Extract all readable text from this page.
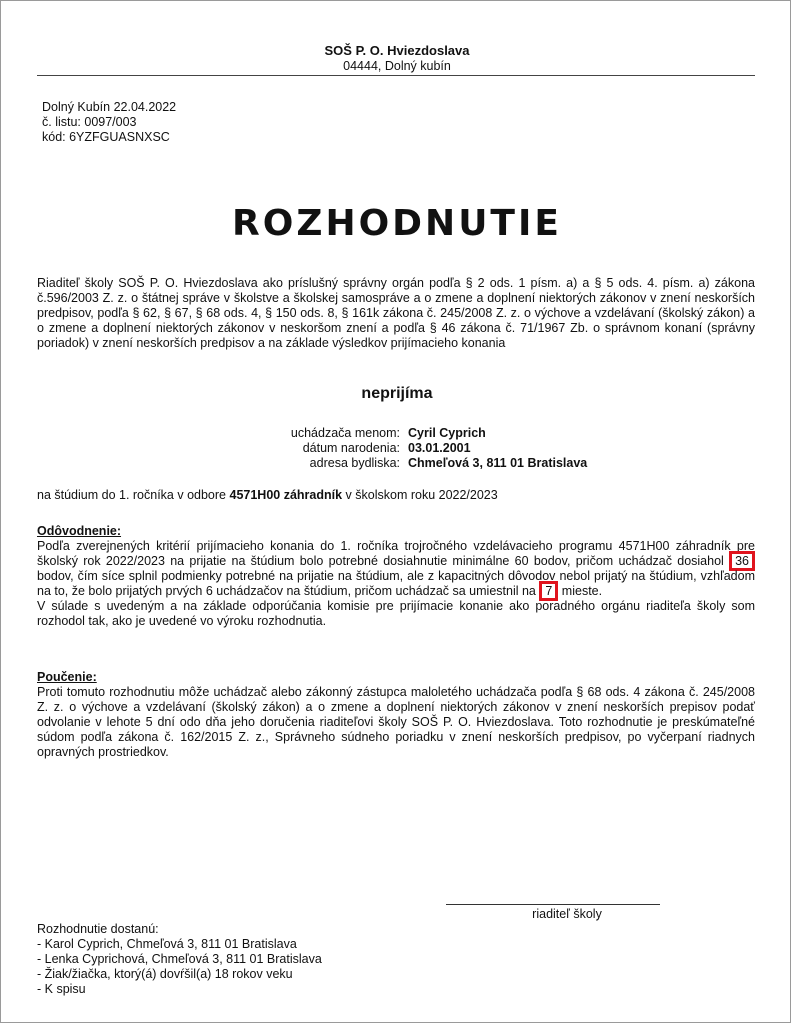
SOŠ P. O. Hviezdoslava
04444, Dolný kubín
Dolný Kubín 22.04.2022
č. listu: 0097/003
kód: 6YZFGUASNXSC
ROZHODNUTIE
Riaditeľ školy SOŠ P. O. Hviezdoslava ako príslušný správny orgán podľa § 2 ods. 1 písm. a) a § 5 ods. 4. písm. a) zákona č.596/2003 Z. z. o štátnej správe v školstve a školskej samospráve a o zmene a doplnení niektorých zákonov v znení neskorších predpisov, podľa § 62, § 67, § 68 ods. 4, § 150 ods. 8, § 161k zákona č. 245/2008 Z. z. o výchove a vzdelávaní (školský zákon) a o zmene a doplnení niektorých zákonov v neskoršom znení a podľa § 46 zákona č. 71/1967 Zb. o správnom konaní (správny poriadok) v znení neskorších predpisov a na základe výsledkov prijímacieho konania
neprijíma
uchádzača menom: Cyril Cyprich
dátum narodenia: 03.01.2001
adresa bydliska: Chmeľová 3, 811 01 Bratislava
na štúdium do 1. ročníka v odbore 4571H00 záhradník v školskom roku 2022/2023
Odôvodnenie:
Podľa zverejnených kritérií prijímacieho konania do 1. ročníka trojročného vzdelávacieho programu 4571H00 záhradník pre školský rok 2022/2023 na prijatie na štúdium bolo potrebné dosiahnutie minimálne 60 bodov, pričom uchádzač dosiahol 36 bodov, čím síce splnil podmienky potrebné na prijatie na štúdium, ale z kapacitných dôvodov nebol prijatý na štúdium, vzhľadom na to, že bolo prijatých prvých 6 uchádzačov na štúdium, pričom uchádzač sa umiestnil na 7 mieste.
V súlade s uvedeným a na základe odporúčania komisie pre prijímacie konanie ako poradného orgánu riaditeľa školy som rozhodol tak, ako je uvedené vo výroku rozhodnutia.
Poučenie:
Proti tomuto rozhodnutiu môže uchádzač alebo zákonný zástupca maloletého uchádzača podľa § 68 ods. 4 zákona č. 245/2008 Z. z. o výchove a vzdelávaní (školský zákon) a o zmene a doplnení niektorých zákonov v znení neskorších prepisov podať odvolanie v lehote 5 dní odo dňa jeho doručenia riaditeľovi školy SOŠ P. O. Hviezdoslava. Toto rozhodnutie je preskúmateľné súdom podľa zákona č. 162/2015 Z. z., Správneho súdneho poriadku v znení neskorších predpisov, po vyčerpaní riadnych opravných prostriedkov.
riaditeľ školy
Rozhodnutie dostanú:
- Karol Cyprich, Chmeľová 3, 811 01 Bratislava
- Lenka Cyprichová, Chmeľová 3, 811 01 Bratislava
- Žiak/žiačka, ktorý(á) dovŕšil(a) 18 rokov veku
- K spisu
